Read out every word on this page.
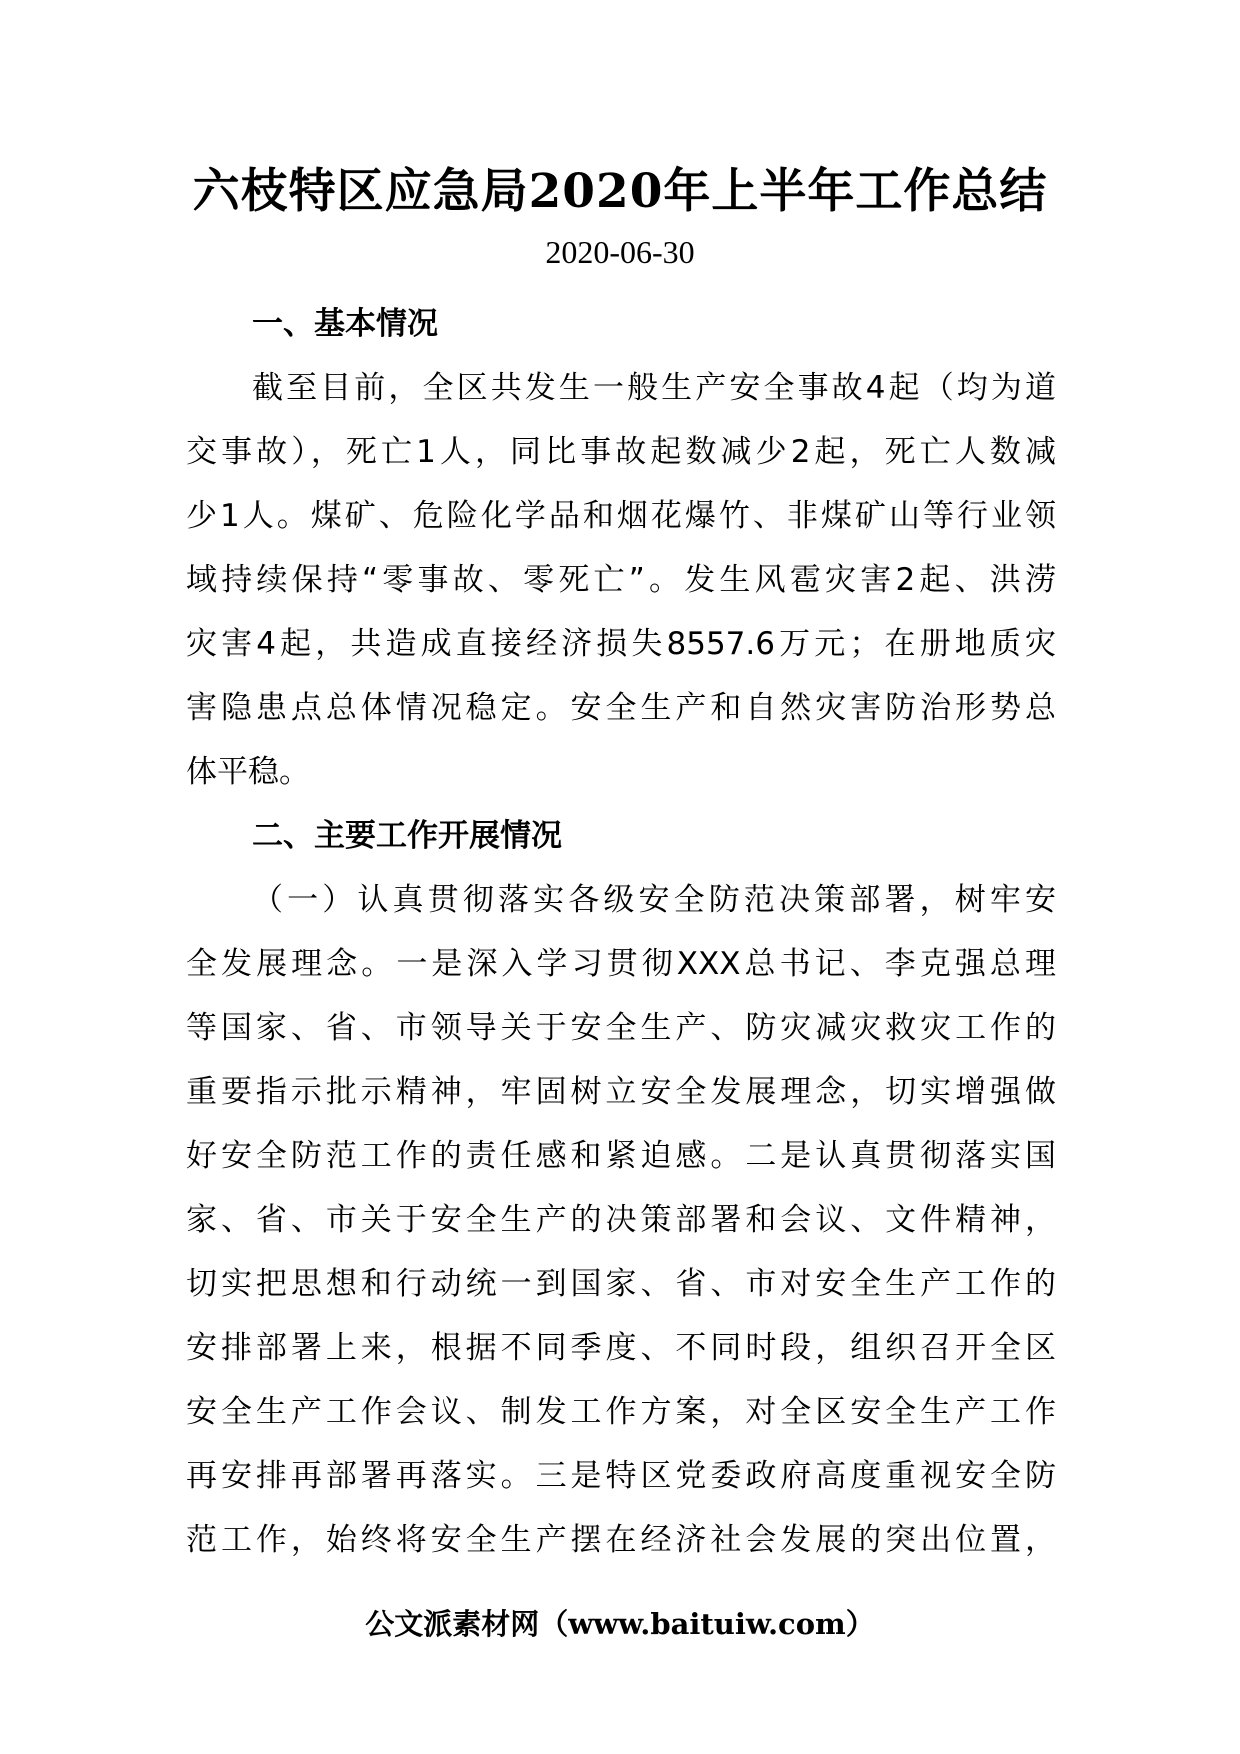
六枝特区应急局2020年上半年工作总结
2020-06-30
一、基本情况
截至目前，全区共发生一般生产安全事故4起（均为道
交事故），死亡1人，同比事故起数减少2起，死亡人数减
少1人。煤矿、危险化学品和烟花爆竹、非煤矿山等行业领
域持续保持“零事故、零死亡”。发生风雹灾害2起、洪涝
灾害4起，共造成直接经济损失8557.6万元；在册地质灾
害隐患点总体情况稳定。安全生产和自然灾害防治形势总
体平稳。
二、主要工作开展情况
（一）认真贯彻落实各级安全防范决策部署，树牢安
全发展理念。一是深入学习贯彻XXX总书记、李克强总理
等国家、省、市领导关于安全生产、防灾减灾救灾工作的
重要指示批示精神，牢固树立安全发展理念，切实增强做
好安全防范工作的责任感和紧迫感。二是认真贯彻落实国
家、省、市关于安全生产的决策部署和会议、文件精神，
切实把思想和行动统一到国家、省、市对安全生产工作的
安排部署上来，根据不同季度、不同时段，组织召开全区
安全生产工作会议、制发工作方案，对全区安全生产工作
再安排再部署再落实。三是特区党委政府高度重视安全防
范工作，始终将安全生产摆在经济社会发展的突出位置，
公文派素材网（www.baituiw.com）
